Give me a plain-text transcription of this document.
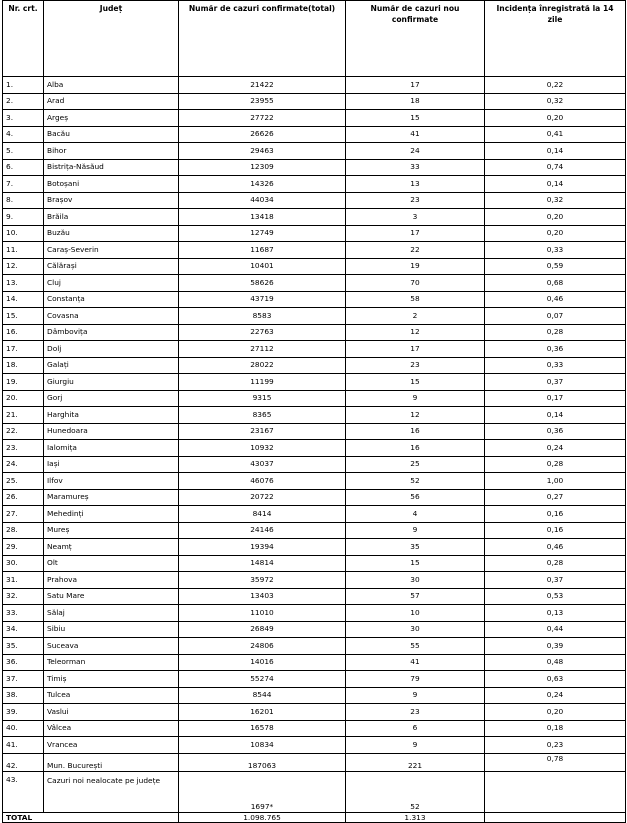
Nr. crt.	Județ	Număr de cazuri confirmate(total)	Număr de cazuri nou confirmate	Incidența înregistrată la 14 zile
1.	Alba	21422	17	0,22
2.	Arad	23955	18	0,32
3.	Argeș	27722	15	0,20
4.	Bacău	26626	41	0,41
5.	Bihor	29463	24	0,14
6.	Bistrița-Năsăud	12309	33	0,74
7.	Botoșani	14326	13	0,14
8.	Brașov	44034	23	0,32
9.	Brăila	13418	3	0,20
10.	Buzău	12749	17	0,20
11.	Caraș-Severin	11687	22	0,33
12.	Călărași	10401	19	0,59
13.	Cluj	58626	70	0,68
14.	Constanța	43719	58	0,46
15.	Covasna	8583	2	0,07
16.	Dâmbovița	22763	12	0,28
17.	Dolj	27112	17	0,36
18.	Galați	28022	23	0,33
19.	Giurgiu	11199	15	0,37
20.	Gorj	9315	9	0,17
21.	Harghita	8365	12	0,14
22.	Hunedoara	23167	16	0,36
23.	Ialomița	10932	16	0,24
24.	Iași	43037	25	0,28
25.	Ilfov	46076	52	1,00
26.	Maramureș	20722	56	0,27
27.	Mehedinți	8414	4	0,16
28.	Mureș	24146	9	0,16
29.	Neamț	19394	35	0,46
30.	Olt	14814	15	0,28
31.	Prahova	35972	30	0,37
32.	Satu Mare	13403	57	0,53
33.	Sălaj	11010	10	0,13
34.	Sibiu	26849	30	0,44
35.	Suceava	24806	55	0,39
36.	Teleorman	14016	41	0,48
37.	Timiș	55274	79	0,63
38.	Tulcea	8544	9	0,24
39.	Vaslui	16201	23	0,20
40.	Vâlcea	16578	6	0,18
41.	Vrancea	10834	9	0,23
42.	Mun. București	187063	221	0,78
43.	Cazuri noi nealocate pe județe	1697*	52	
TOTAL		1.098.765	1.313	
